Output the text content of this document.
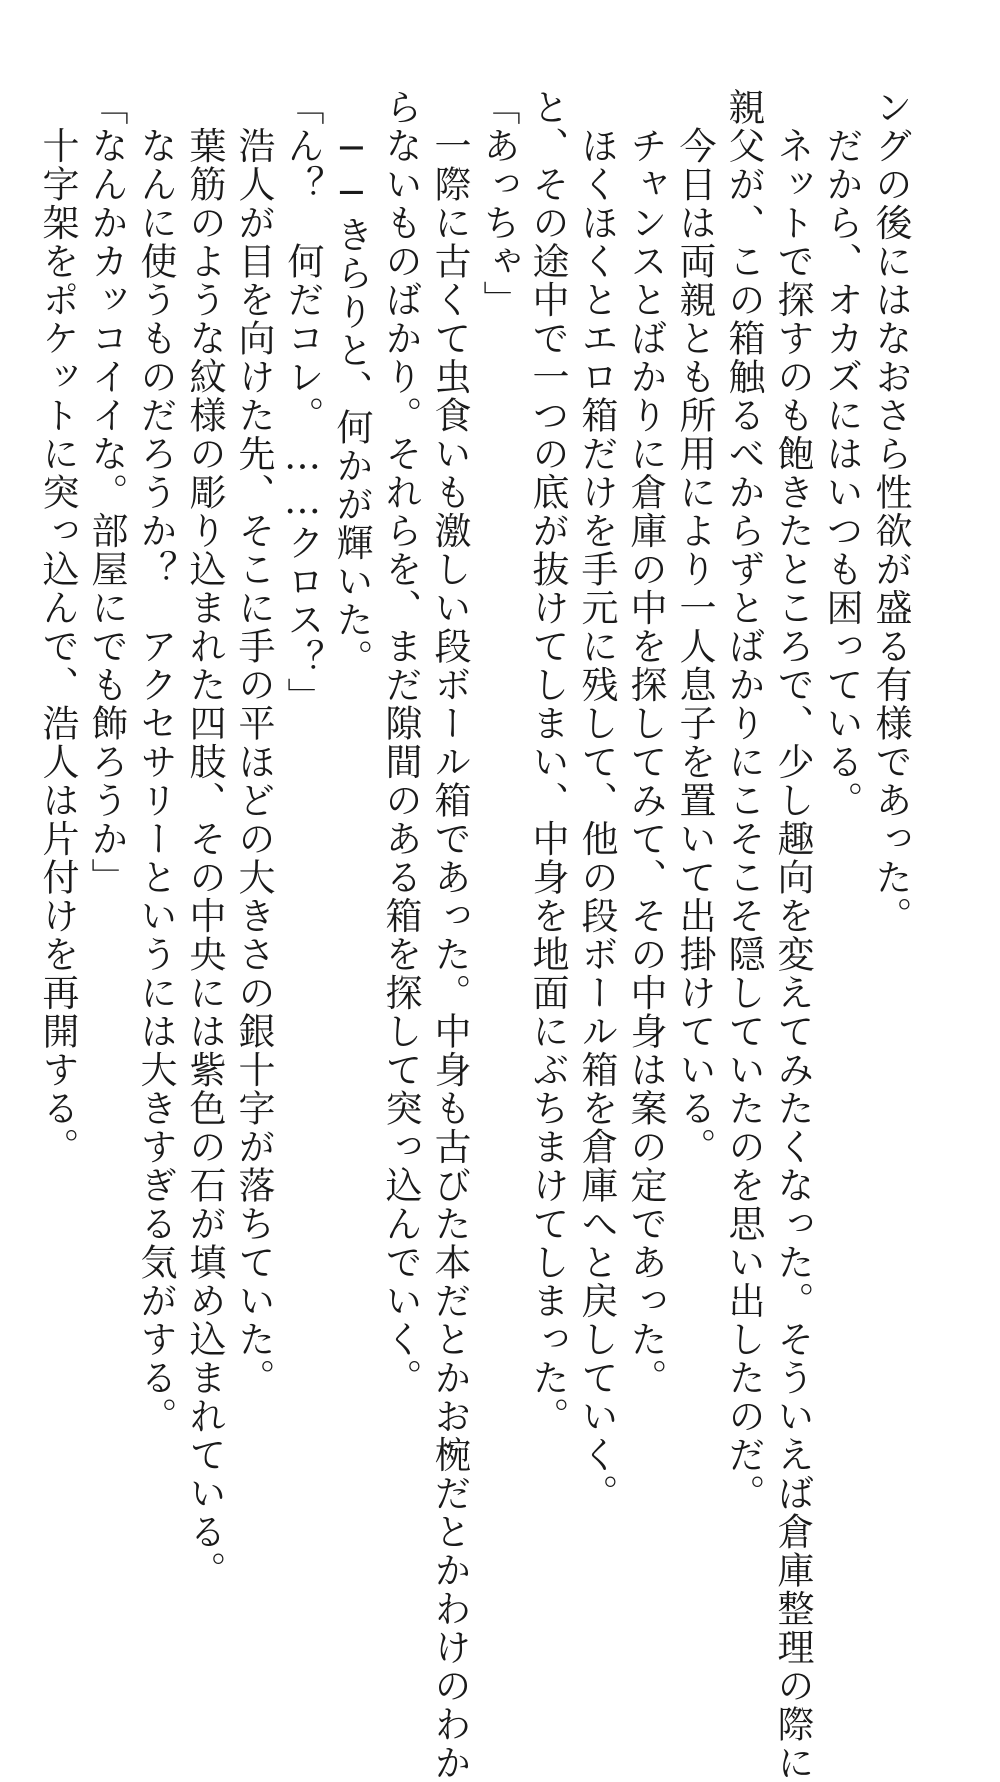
ングの後にはなおさら性欲が盛る有様であった。
　だから、オカズにはいつも困っている。
　ネットで探すのも飽きたところで、少し趣向を変えてみたくなった。そういえば倉庫整理の際に
親父が、この箱触るべからずとばかりにこそこそ隠していたのを思い出したのだ。
　今日は両親とも所用により一人息子を置いて出掛けている。
　チャンスとばかりに倉庫の中を探してみて、その中身は案の定であった。
　ほくほくとエロ箱だけを手元に残して、他の段ボール箱を倉庫へと戻していく。
と、その途中で一つの底が抜けてしまい、中身を地面にぶちまけてしまった。
「あっちゃ」
　一際に古くて虫食いも激しい段ボール箱であった。中身も古びた本だとかお椀だとかわけのわか
らないものばかり。それらを、まだ隙間のある箱を探して突っ込んでいく。
　──きらりと、何かが輝いた。
「ん？　何だコレ。……クロス？」
　浩人が目を向けた先、そこに手の平ほどの大きさの銀十字が落ちていた。
　葉筋のような紋様の彫り込まれた四肢、その中央には紫色の石が填め込まれている。
　なんに使うものだろうか？　アクセサリーというには大きすぎる気がする。
「なんかカッコイイな。部屋にでも飾ろうか」
　十字架をポケットに突っ込んで、浩人は片付けを再開する。
